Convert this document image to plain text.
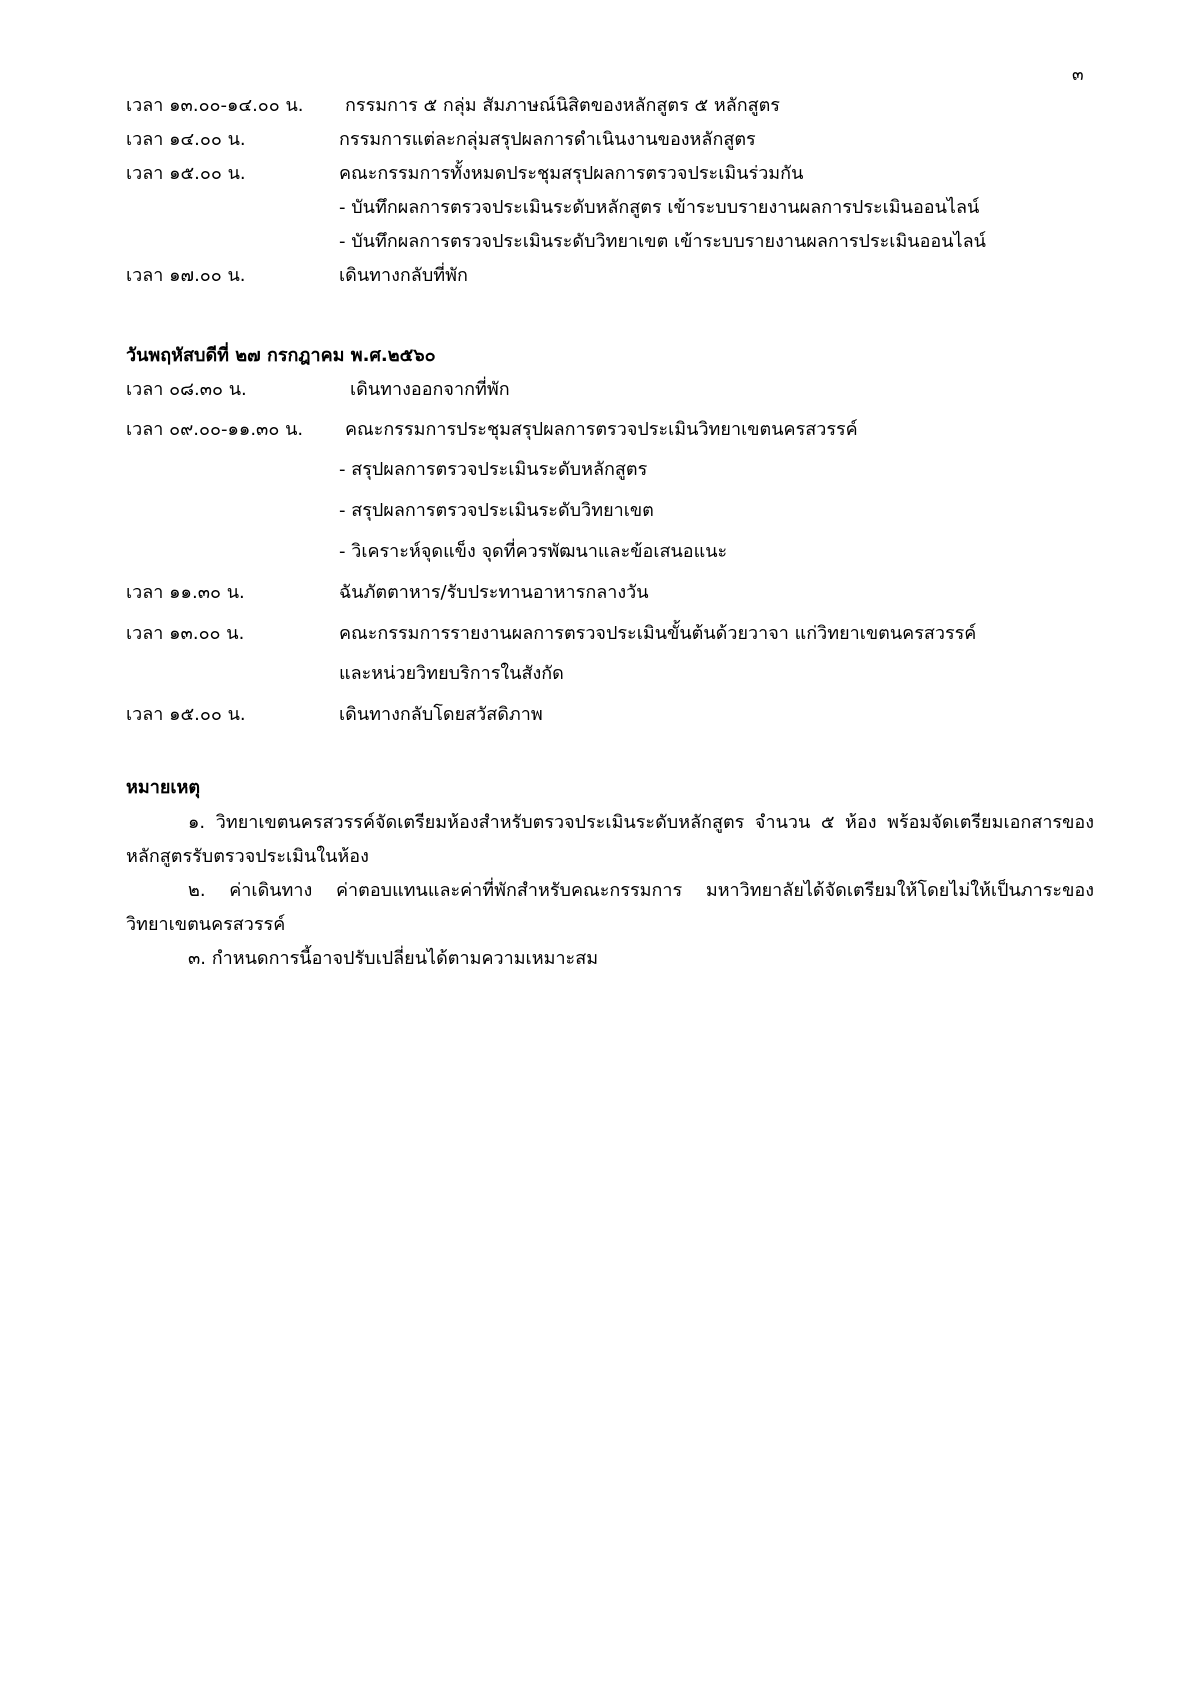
๓
เวลา ๑๓.๐๐-๑๔.๐๐ น. กรรมการ ๕ กลุ่ม สัมภาษณ์นิสิตของหลักสูตร ๕ หลักสูตร
เวลา ๑๔.๐๐ น.	กรรมการแต่ละกลุ่มสรุปผลการดำเนินงานของหลักสูตร
เวลา ๑๕.๐๐ น.	คณะกรรมการทั้งหมดประชุมสรุปผลการตรวจประเมินร่วมกัน
- บันทึกผลการตรวจประเมินระดับหลักสูตร เข้าระบบรายงานผลการประเมินออนไลน์
- บันทึกผลการตรวจประเมินระดับวิทยาเขต เข้าระบบรายงานผลการประเมินออนไลน์
เวลา ๑๗.๐๐ น.	เดินทางกลับที่พัก
วันพฤหัสบดีที่ ๒๗ กรกฎาคม พ.ศ.๒๕๖๐
เวลา ๐๘.๓๐ น.	เดินทางออกจากที่พัก
เวลา ๐๙.๐๐-๑๑.๓๐ น. คณะกรรมการประชุมสรุปผลการตรวจประเมินวิทยาเขตนครสวรรค์
- สรุปผลการตรวจประเมินระดับหลักสูตร
- สรุปผลการตรวจประเมินระดับวิทยาเขต
- วิเคราะห์จุดแข็ง จุดที่ควรพัฒนาและข้อเสนอแนะ
เวลา ๑๑.๓๐ น.	ฉันภัตตาหาร/รับประทานอาหารกลางวัน
เวลา ๑๓.๐๐ น.	คณะกรรมการรายงานผลการตรวจประเมินขั้นต้นด้วยวาจา แก่วิทยาเขตนครสวรรค์
และหน่วยวิทยบริการในสังกัด
เวลา ๑๕.๐๐ น.	เดินทางกลับโดยสวัสดิภาพ
หมายเหตุ
๑. วิทยาเขตนครสวรรค์จัดเตรียมห้องสำหรับตรวจประเมินระดับหลักสูตร จำนวน ๕ ห้อง พร้อมจัดเตรียมเอกสารของหลักสูตรรับตรวจประเมินในห้อง
๒. ค่าเดินทาง ค่าตอบแทนและค่าที่พักสำหรับคณะกรรมการ มหาวิทยาลัยได้จัดเตรียมให้โดยไม่ให้เป็นภาระของวิทยาเขตนครสวรรค์
๓. กำหนดการนี้อาจปรับเปลี่ยนได้ตามความเหมาะสม
